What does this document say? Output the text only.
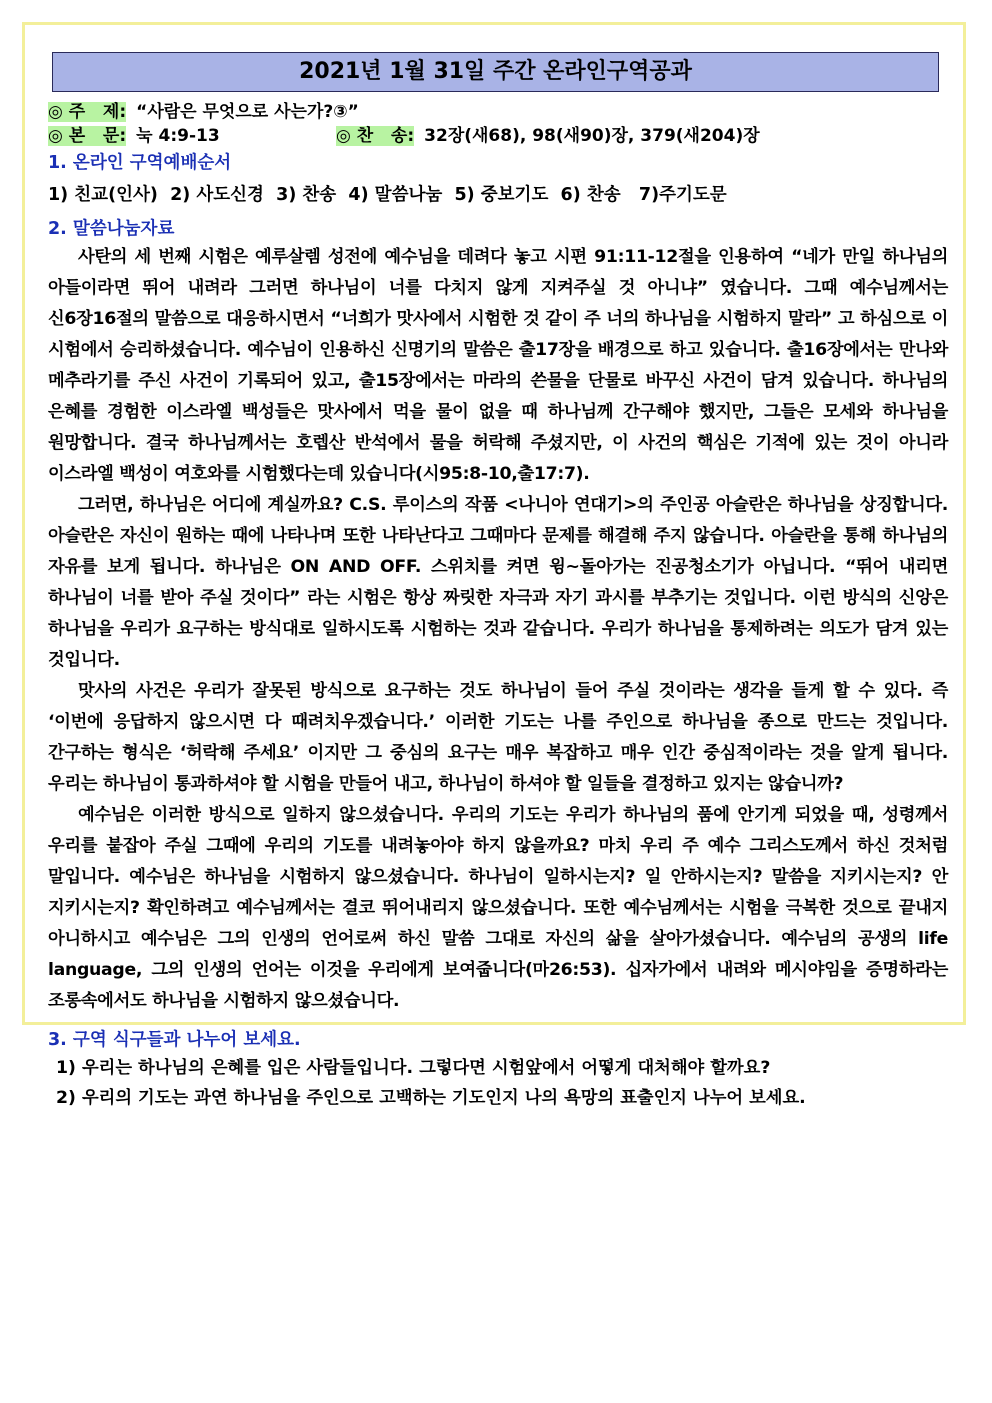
2021년 1월 31일 주간 온라인구역공과
◎ 주   제: “사람은 무엇으로 사는가?③”
◎ 본   문: 눅 4:9-13	◎ 찬   송: 32장(새68), 98(새90)장, 379(새204)장
1. 온라인 구역예배순서
1) 친교(인사)  2) 사도신경  3) 찬송  4) 말씀나눔  5) 중보기도  6) 찬송   7)주기도문
2. 말씀나눔자료

사탄의 세 번째 시험은 예루살렘 성전에 예수님을 데려다 놓고 시편 91:11-12절을 인용하여 “네가 만일 하나님의 아들이라면 뛰어 내려라 그러면 하나님이 너를 다치지 않게 지켜주실 것 아니냐” 였습니다. 그때 예수님께서는 신6장16절의 말씀으로 대응하시면서 “너희가 맛사에서 시험한 것 같이 주 너의 하나님을 시험하지 말라” 고 하심으로 이 시험에서 승리하셨습니다. 예수님이 인용하신 신명기의 말씀은 출17장을 배경으로 하고 있습니다. 출16장에서는 만나와 메추라기를 주신 사건이 기록되어 있고, 출15장에서는 마라의 쓴물을 단물로 바꾸신 사건이 담겨 있습니다. 하나님의 은혜를 경험한 이스라엘 백성들은 맛사에서 먹을 물이 없을 때 하나님께 간구해야 했지만, 그들은 모세와 하나님을 원망합니다. 결국 하나님께서는 호렙산 반석에서 물을 허락해 주셨지만, 이 사건의 핵심은 기적에 있는 것이 아니라 이스라엘 백성이 여호와를 시험했다는데 있습니다(시95:8-10,출17:7).

그러면, 하나님은 어디에 계실까요? C.S. 루이스의 작품 <나니아 연대기>의 주인공 아슬란은 하나님을 상징합니다. 아슬란은 자신이 원하는 때에 나타나며 또한 나타난다고 그때마다 문제를 해결해 주지 않습니다. 아슬란을 통해 하나님의 자유를 보게 됩니다. 하나님은 ON AND OFF. 스위치를 켜면 윙~돌아가는 진공청소기가 아닙니다. “뛰어 내리면 하나님이 너를 받아 주실 것이다” 라는 시험은 항상 짜릿한 자극과 자기 과시를 부추기는 것입니다. 이런 방식의 신앙은 하나님을 우리가 요구하는 방식대로 일하시도록 시험하는 것과 같습니다. 우리가 하나님을 통제하려는 의도가 담겨 있는 것입니다.

맛사의 사건은 우리가 잘못된 방식으로 요구하는 것도 하나님이 들어 주실 것이라는 생각을 들게 할 수 있다. 즉 ‘이번에 응답하지 않으시면 다 때려치우겠습니다.’ 이러한 기도는 나를 주인으로 하나님을 종으로 만드는 것입니다. 간구하는 형식은 ‘허락해 주세요’ 이지만 그 중심의 요구는 매우 복잡하고 매우 인간 중심적이라는 것을 알게 됩니다. 우리는 하나님이 통과하셔야 할 시험을 만들어 내고, 하나님이 하셔야 할 일들을 결정하고 있지는 않습니까?

예수님은 이러한 방식으로 일하지 않으셨습니다. 우리의 기도는 우리가 하나님의 품에 안기게 되었을 때, 성령께서 우리를 붙잡아 주실 그때에 우리의 기도를 내려놓아야 하지 않을까요? 마치 우리 주 예수 그리스도께서 하신 것처럼 말입니다. 예수님은 하나님을 시험하지 않으셨습니다. 하나님이 일하시는지? 일 안하시는지? 말씀을 지키시는지? 안 지키시는지? 확인하려고 예수님께서는 결코 뛰어내리지 않으셨습니다. 또한 예수님께서는 시험을 극복한 것으로 끝내지 아니하시고 예수님은 그의 인생의 언어로써 하신 말씀 그대로 자신의 삶을 살아가셨습니다. 예수님의 공생의 life language, 그의 인생의 언어는 이것을 우리에게 보여줍니다(마26:53). 십자가에서 내려와 메시야임을 증명하라는 조롱속에서도 하나님을 시험하지 않으셨습니다.

3. 구역 식구들과 나누어 보세요.
1) 우리는 하나님의 은혜를 입은 사람들입니다. 그렇다면 시험앞에서 어떻게 대처해야 할까요?
2) 우리의 기도는 과연 하나님을 주인으로 고백하는 기도인지 나의 욕망의 표출인지 나누어 보세요.
